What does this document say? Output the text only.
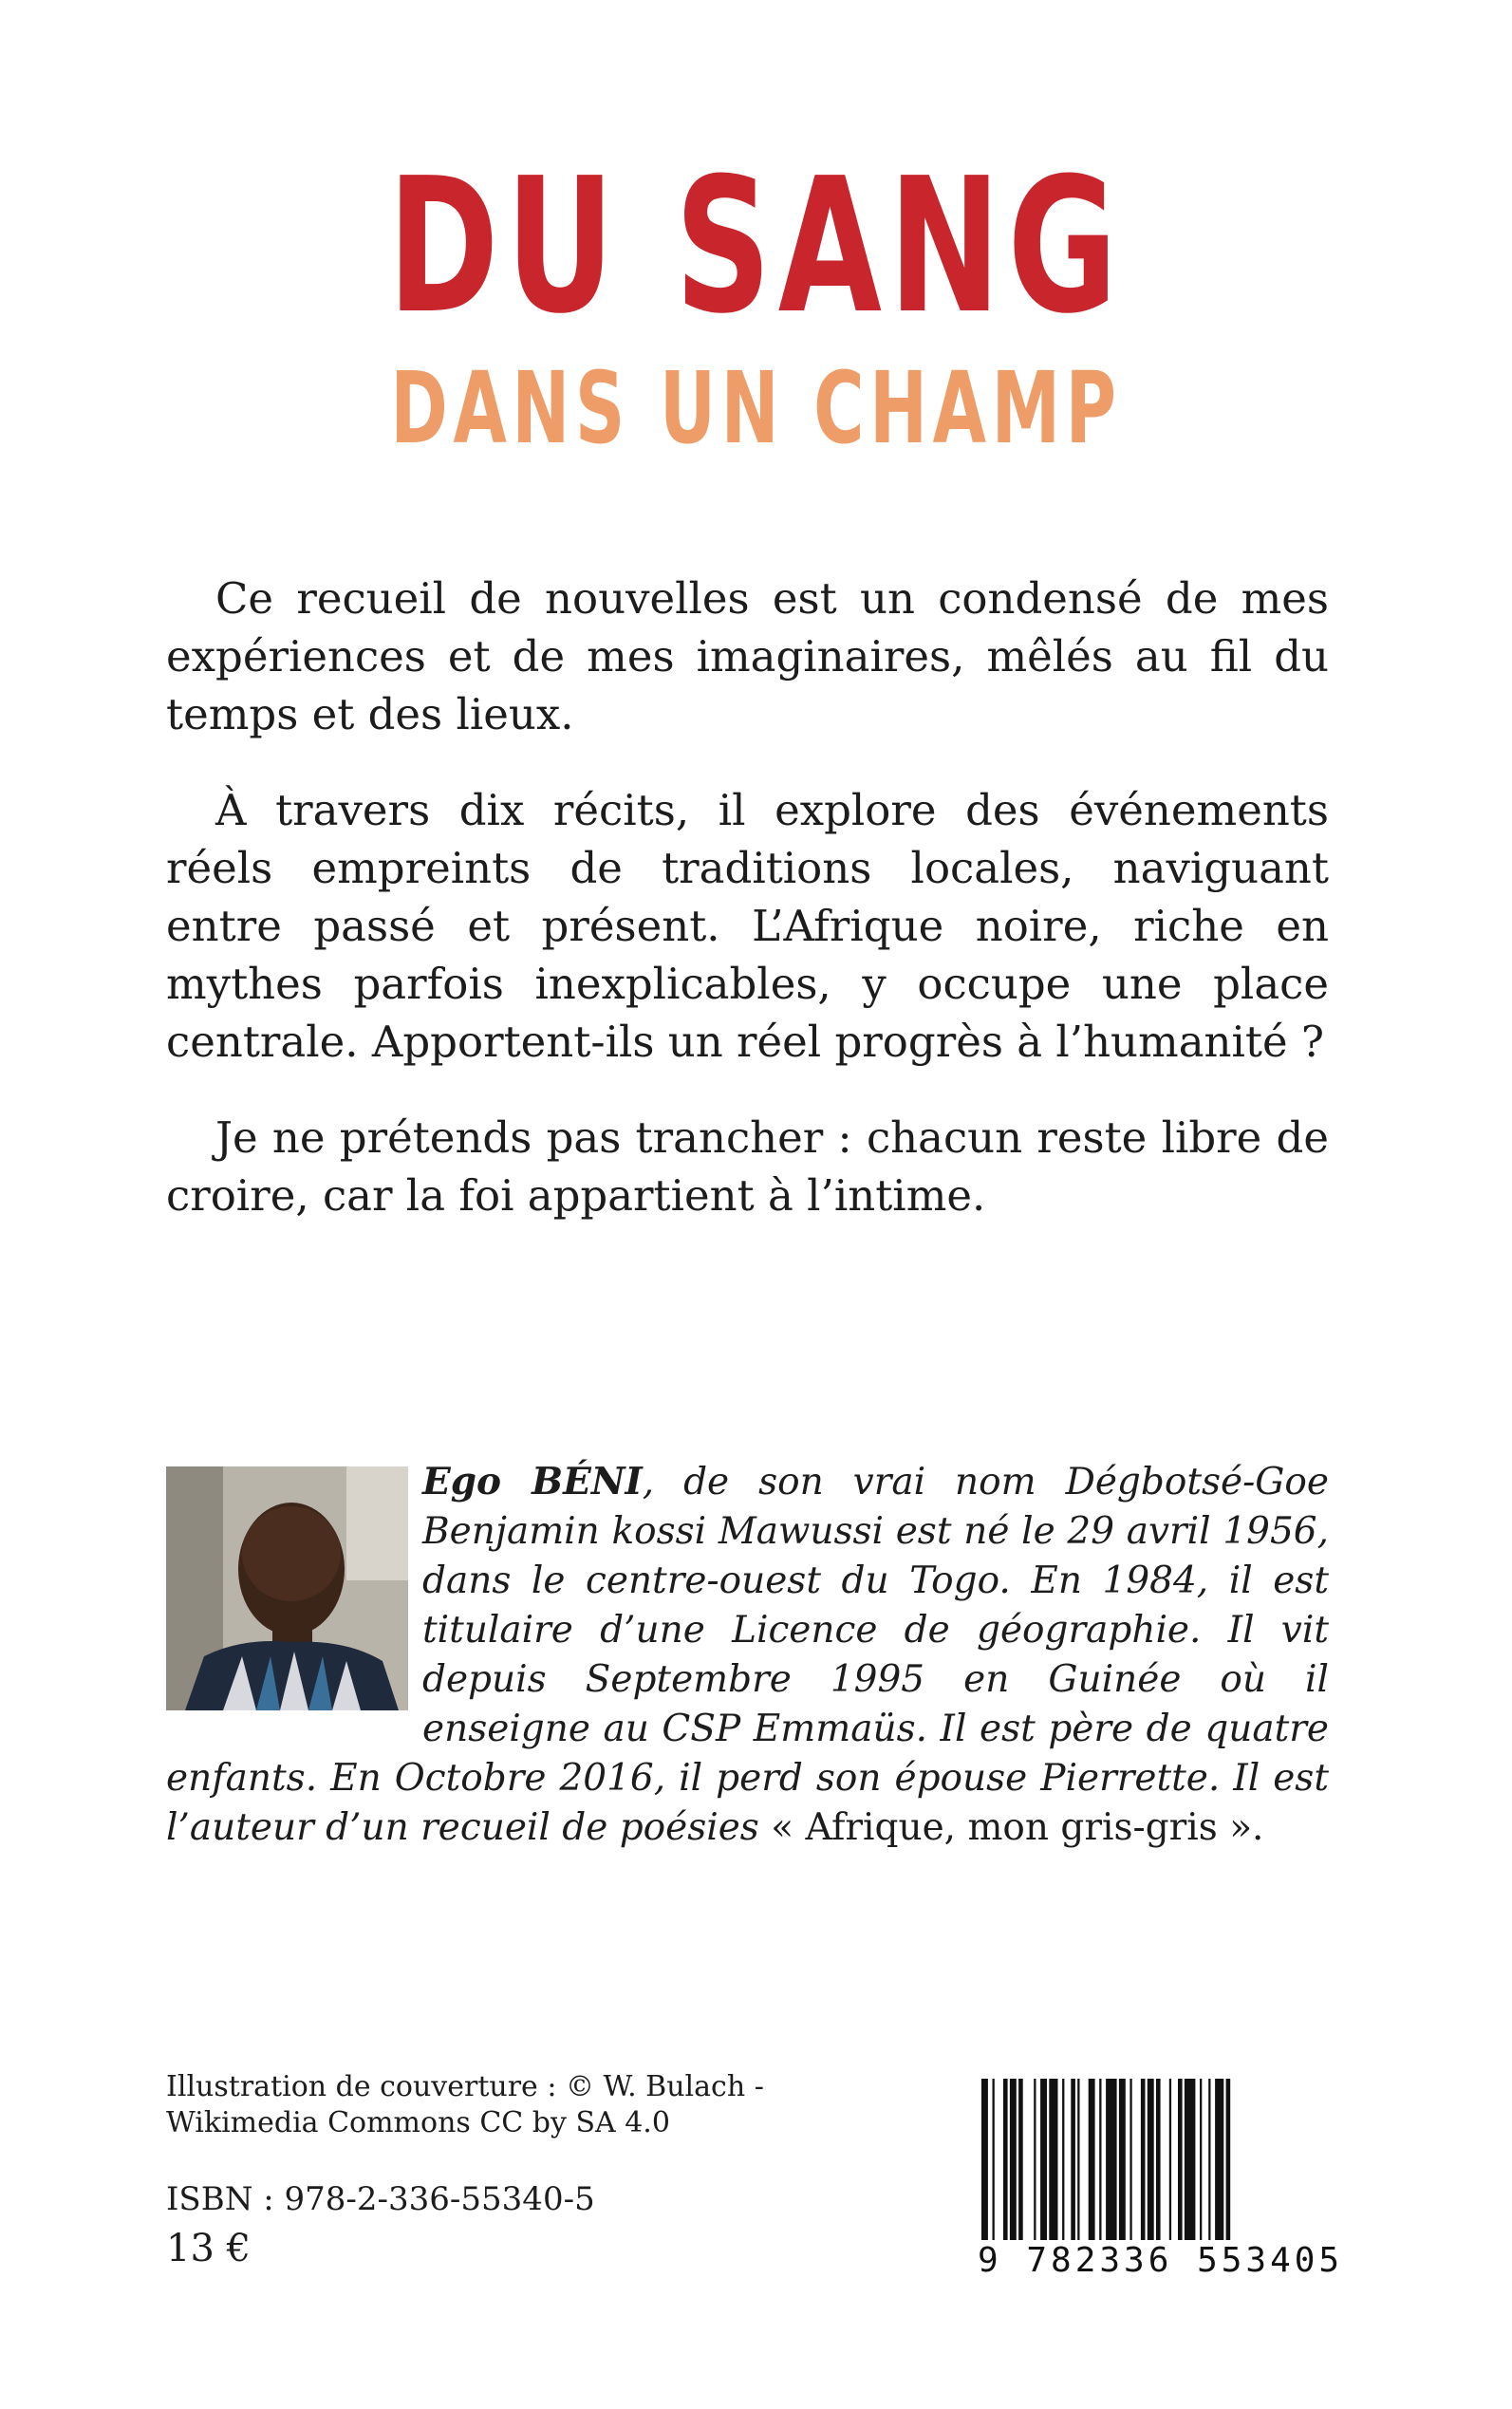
DU SANG
DANS UN CHAMP

Ce recueil de nouvelles est un condensé de mes expériences et de mes imaginaires, mêlés au fil du temps et des lieux.

À travers dix récits, il explore des événements réels empreints de traditions locales, naviguant entre passé et présent. L’Afrique noire, riche en mythes parfois inexplicables, y occupe une place centrale. Apportent-ils un réel progrès à l’humanité ?

Je ne prétends pas trancher : chacun reste libre de croire, car la foi appartient à l’intime.

Ego BÉNI, de son vrai nom Dégbotsé-Goe Benjamin kossi Mawussi est né le 29 avril 1956, dans le centre-ouest du Togo. En 1984, il est titulaire d’une Licence de géographie. Il vit depuis Septembre 1995 en Guinée où il enseigne au CSP Emmaüs. Il est père de quatre enfants. En Octobre 2016, il perd son épouse Pierrette. Il est l’auteur d’un recueil de poésies « Afrique, mon gris-gris ».
Illustration de couverture : © W. Bulach -
Wikimedia Commons CC by SA 4.0
ISBN : 978-2-336-55340-5
13 €	9 782336 553405
